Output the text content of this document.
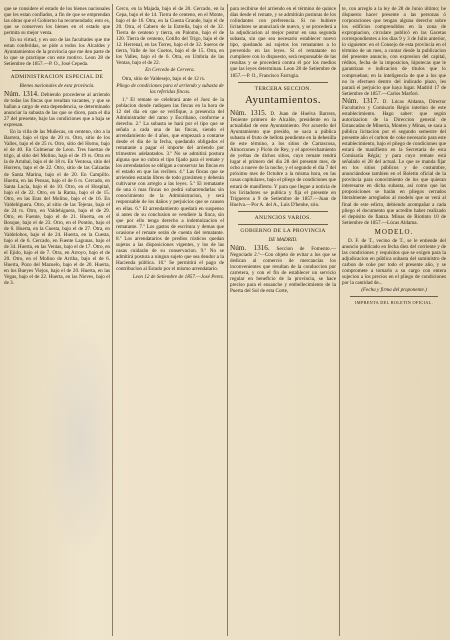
que se considere el estado de los bienes nacionales que les estan confiados, a fin de que se emprendan las obras que el Gobierno ha recomendado; esto es, que se conserven los bienes en el estado que permita su mejor venta.

En su virtud, y en uso de las facultades que me estan conferidas, se pide a todos los Alcaldes y Ayuntamientos de la provincia que me den parte de lo que se practique con este motivo. Leon 28 de Setiembre de 1857.—P. O., José Cepeda.

ADMINISTRACION ESPECIAL DE
Bienes nacionales de esta provincia.

Núm. 1314. Debiendo procederse al arriendo de todas las fincas que resultan vacantes, y que se hallan a cargo de esta dependencia, se determinado anunciar la subasta de las que se dicen, para el dia 27 del presente, bajo las condiciones que a baja se expresan.

En la villa de las Muñecas, un centeno, sito a la Barrera, bajo el tipo de 20 rs. Otro, sitio de los Valles, bajo el de 25 rs. Otro, sitio del Horno, bajo el de 40. En Colmenar de Leon. Tres huertas de trigo, al sitio del Molino, bajo el de 19 rs. Otra en la de Arrabal, bajo el de 18 rs. En Ventosa, sitio del Horrero, bajo el de 22. Otro, sitio de las Calzadas de Santa Marina, bajo el de 20. En Campillo. Huerta, en las Pensas, bajo el de 6 rs. Cercado, en Santa Lucía, bajo el de 10. Otro, en el Hospital, bajo el de 22. Otro, en la Rama, bajo el de 15. Otro, en las Eras del Molino, bajo el de 16. En Valdehiguera. Otro, al sitio de las Tejeras, bajo el de 24 rs. Otro, en Valdehiguera, bajo el de 29. Otro, en Fuente, bajo el de 21. Huerta, en el Bosque, bajo el de 23. Otro, en el Pontón, bajo el de 6. Huerta, en la Cuesta, bajo el de 27. Otra, en Valdelobos, bajo el de 24. Huerta, en la Cuesta, bajo el de 6. Cercado, en Fuente Lagunas, bajo el de 34. Huerta, en las Ventas, bajo el de 17. Otro, en el Ejido, bajo el de 7. Otra, en Arroyo, bajo el de 20. Otro, en el Molino de Arriba, bajo el de 6. Huerta, Pozo del Mazuelo, bajo el de 20. Huerta, en los Bueyes Viejos, bajo el de 20. Huerta, en las Vegas, bajo el de 22. Huerta, en las Nieves, bajo el de 3.

Cerco, en la Majada, bajo el de 20. Cercado, en la Cepa, bajo el de 14. Tierra de centeno, en el Monte, bajo el de 16. Otra, en la Cuesta Grande, bajo el de 20. Otra, el Cabero de la Estrella, bajo el de 32. Tierra de centeno y tierra, en Palomo, bajo el de 120. Tierra de centeno, Cotillo del Trigo, bajo el de 12. Herrenal, en las Torres, bajo el de 32. Sueros de tierra, Valle de los Cuetos, bajo el de 15. Otra, en los Valles, bajo el de 6. Otra, en Umbria de las Ventas, bajo el de 22.

En Cercedo de Cervera.

Otra, sitio de Valdesejo, bajo el de 12 rs.

Pliego de condiciones para el arriendo y subasta de las referidas fincas.

1.º El remate se celebrará ante el Juez de la poblacion donde radiquen las fincas en la hora de 12 del dia en que se verifique, a presencia del Administrador del ramo y Escribano, conforme a derecho. 2.º La subasta se hará por el tipo que se señala a cada una de las fincas, siendo el arrendamiento de 4 años, que empezará a contarse desde el dia de la fecha, quedando obligados el rematante a pagar el importe del arriendo por trimestres adelantados. 3.º No se admitirá postura alguna que no cubra el tipo fijado para el remate y los arrendatarios se obligan a conservar las fincas en el estado en que las reciben. 4.º Las fincas que se arrienden estarán libres de todo gravámen y deberán cultivarse con arreglo a las leyes. 5.º El rematante de una ó mas fincas no podrá subarrendarlas sin conocimiento de la Administracion, y será responsable de los daños y perjuicios que se causen en ellas. 6.º El arrendamiento quedará en suspenso si antes de su conclusion se vendiere la finca, sin que por ello tenga derecho a indemnizacion el rematante. 7.º Los gastos de escritura y demas que ocasione el remate serán de cuenta del rematante. 8.º Los arrendatarios de predios rústicos quedan sujetos a las disposiciones vigentes, y los de las casas cuidarán de su conservacion. 9.º No se admitirá postura a ningun sujeto que sea deudor a la Hacienda pública. 10.º Se permitirá el pago de contribucion al Estado por el mismo arrendatario.

Leon 12 de Setiembre de 1857.—José Perez.

para recibirse del arriendo en el término de quince dias desde el remate, y se admitirán posturas de los colindantes con preferencia. Si no hubiere licitadores se anunciará de nuevo, y se procederá a la adjudicacion al mejor postor en una segunda subasta, sin que sea necesario establecer nuevo tipo, quedando asi sujetos los rematantes a lo prevenido en las leyes. Si el rematante no cumpliere con lo dispuesto, será responsable de las resultas y se procederá contra él por los medios que las leyes determinan. Leon 28 de Setiembre de 1857.—P. O., Francisco Farrugia.

TERCERA SECCION.
Ayuntamientos.

Núm. 1315. D. Juan de Huelva Barrera, Teniente primero de Alcalde, presidente en la actualidad de este Ayuntamiento. Por acuerdo del Ayuntamiento que presido, se saca a pública subasta el fruto de bellota pendiente en la dehesilla de este término, a los sitios de Carrascosa, Almorzones y Picón de Rey, y el aprovechamiento de yerbas de dichos sitios, cuyo remate tendrá lugar el primero del dia 28 del presente mes, de ocho a nueve de la noche, y el segundo el dia 7 del próximo mes de Octubre a la misma hora, en las casas capitulares, bajo el pliego de condiciones que estará de manifiesto. Y para que llegue a noticia de los licitadores se publica y fija el presente en Trigueros a 9 de Setiembre de 1857.—Juan de Huelva.—Por A. del A., Luis D'henhe, srio.

ANUNCIOS VARIOS.
GOBIERNO DE LA PROVINCIA
DE MADRID.

Núm. 1316. Seccion de Fomento.—Negociado 2.º—Con objeto de evitar a los que se dedican al comercio de mercancías los inconvenientes que resultan de la conduccion por carretera, y con el fin de establecer un servicio regular en beneficio de la provincia, se hace preciso para el ensanche y embellecimiento de la Puerta del Sol de esta Corte,

te, con arreglo a la ley de 28 de Junio último; he dispuesto hacer presente a las personas ó corporaciones que tengan alguna derecho sobre los edificios comprendidos en la zona de expropiacion, circulare publicó en las Gacetas correspondientes a los dias 9 y 3 de Julio anterior, lo siguiente: en el Consejo de esta provincia en el término de un mes, a contar desde la publicacion del presente anuncio, con expresion del capital, réditos, fecha de la imposicion, hipotecas que le garantizan e indicacion de títulos que lo comprueban; en la inteligencia de que a los que no lo efectuen dentro del indicado plazo, les parará el perjuicio que haya lugar. Madrid 17 de Setiembre de 1857.—Carlos Marfori.

Núm. 1317. D. Lúcas Aldama, Director Facultativo y Comisario Régio interino de este establecimiento. Hago saber: que según autorizacion de la Direccion general de Estancadas de Minería, Montes y Minas, se saca a pública licitacion por el segundo semestre del presente año el carbon de coke necesario para este establecimiento, bajo el pliego de condiciones que estará de manifiesto en la Secretaría de esta Comisaría Régia; y para cuyo remate está señalado el 28 del actual. Lo que se manda fijar en los sitios públicos y de costumbre, anunciándose tambien en el Boletin oficial de la provincia para conocimiento de los que quieran interesarse en dicha subasta, asi como que las proposiciones se harán en pliegos cerrados literalmente arreglados al modelo que se verá al final de este edicto, debiendo acompañar a cada pliego el documento que acredite haber realizado el depósito de fianza. Minas de Riotinto 10 de Setiembre de 1857.—Lúcas Aldama.

MODELO.

D. F. de T., vecino de T., se le entiende del anuncio publicado en fecha diez del corriente y de las condiciones y requisitos que se exigen para la adjudicacion en pública subasta del suministro de carbon de coke por todo el presente año, y se compromete a tomarlo a su cargo con entera sujecion a los precios en el pliego de condiciones por la cantidad de...

(Fecha y firma del proponente.)
IMPRENTA DEL BOLETIN OFICIAL.
